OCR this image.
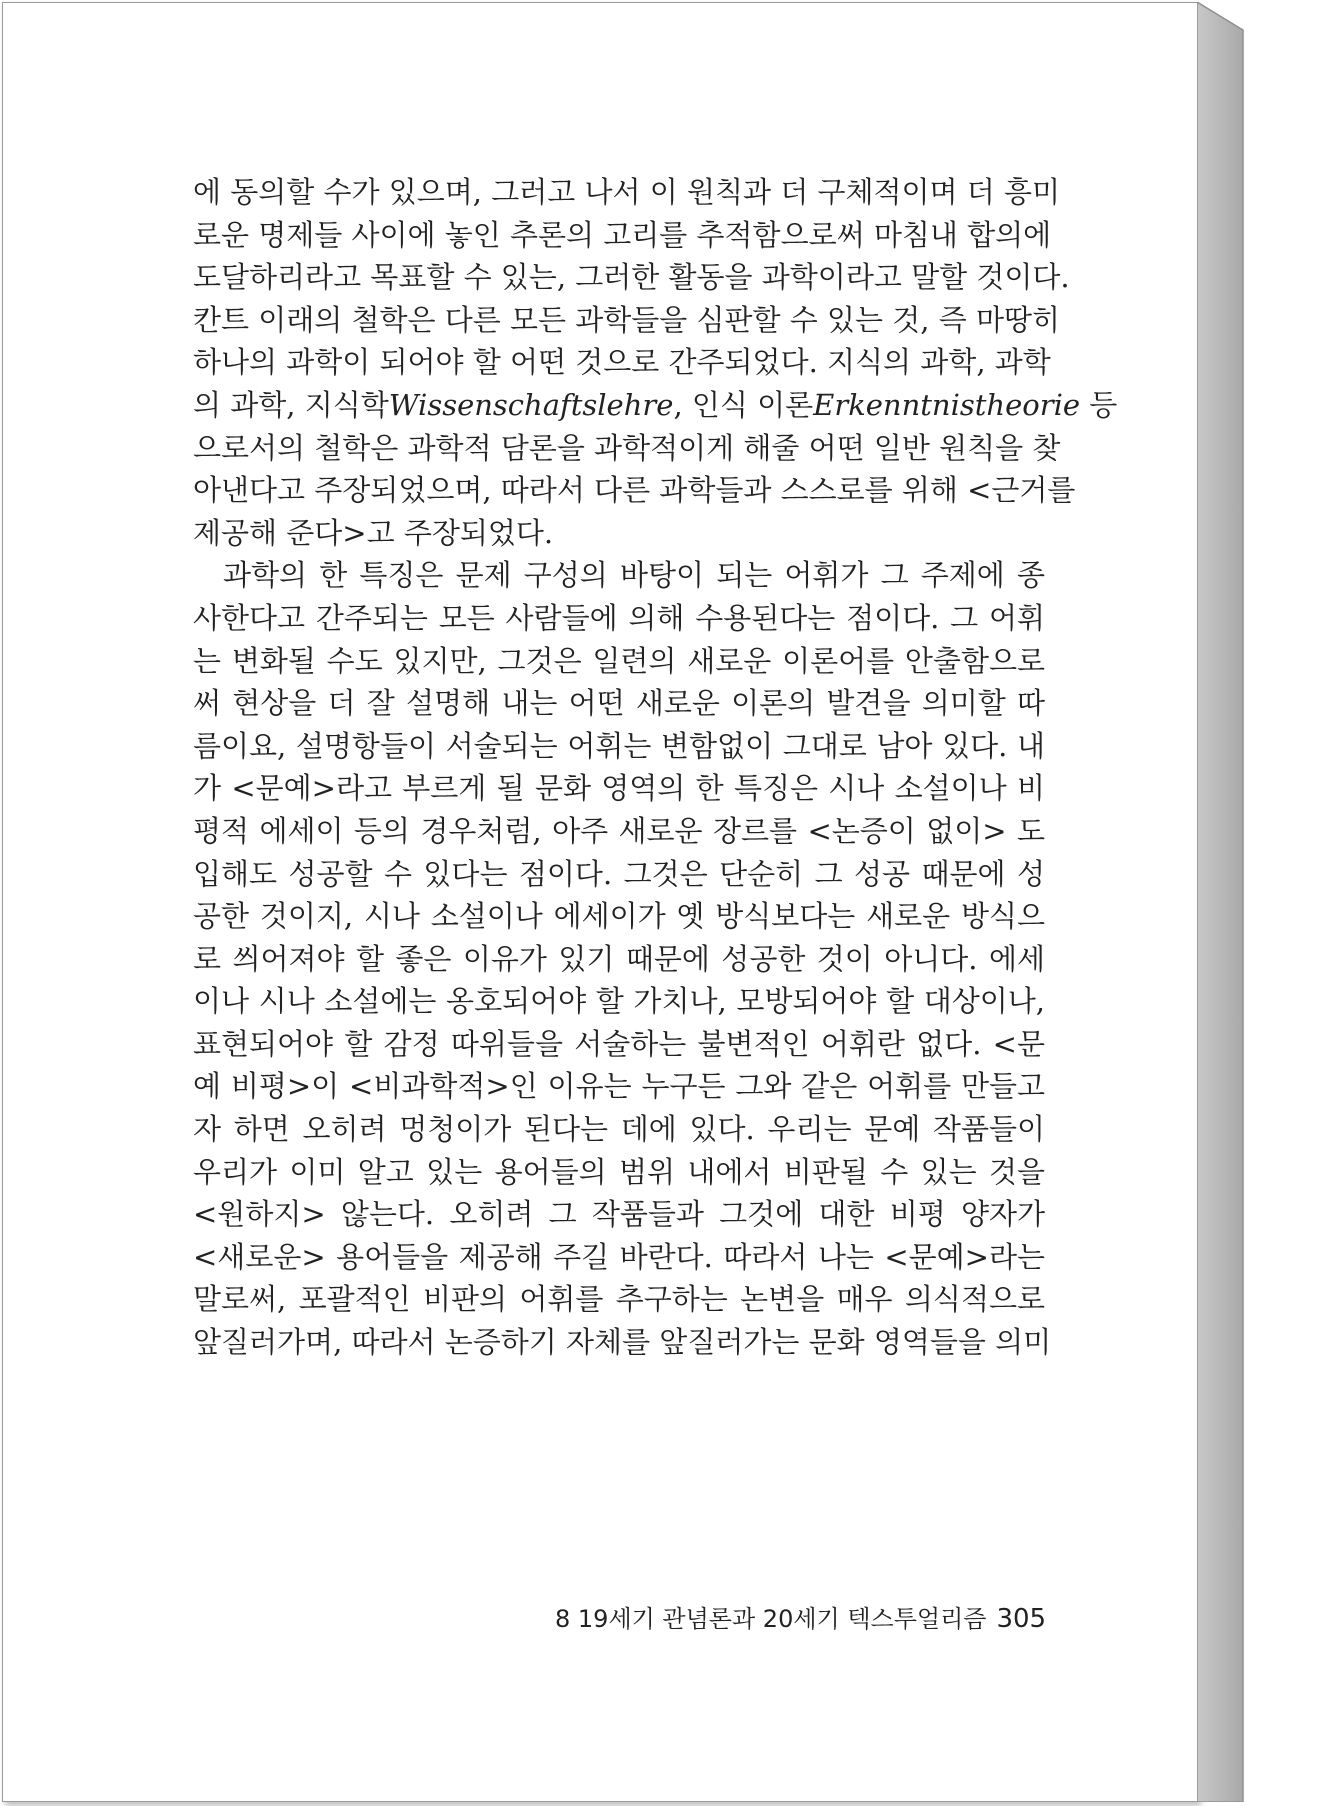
에 동의할 수가 있으며, 그러고 나서 이 원칙과 더 구체적이며 더 흥미
로운 명제들 사이에 놓인 추론의 고리를 추적함으로써 마침내 합의에
도달하리라고 목표할 수 있는, 그러한 활동을 과학이라고 말할 것이다.
칸트 이래의 철학은 다른 모든 과학들을 심판할 수 있는 것, 즉 마땅히
하나의 과학이 되어야 할 어떤 것으로 간주되었다. 지식의 과학, 과학
의 과학, 지식학Wissenschaftslehre, 인식 이론Erkenntnistheorie 등
으로서의 철학은 과학적 담론을 과학적이게 해줄 어떤 일반 원칙을 찾
아낸다고 주장되었으며, 따라서 다른 과학들과 스스로를 위해 <근거를
제공해 준다>고 주장되었다.
과학의 한 특징은 문제 구성의 바탕이 되는 어휘가 그 주제에 종
사한다고 간주되는 모든 사람들에 의해 수용된다는 점이다. 그 어휘
는 변화될 수도 있지만, 그것은 일련의 새로운 이론어를 안출함으로
써 현상을 더 잘 설명해 내는 어떤 새로운 이론의 발견을 의미할 따
름이요, 설명항들이 서술되는 어휘는 변함없이 그대로 남아 있다. 내
가 <문예>라고 부르게 될 문화 영역의 한 특징은 시나 소설이나 비
평적 에세이 등의 경우처럼, 아주 새로운 장르를 <논증이 없이> 도
입해도 성공할 수 있다는 점이다. 그것은 단순히 그 성공 때문에 성
공한 것이지, 시나 소설이나 에세이가 옛 방식보다는 새로운 방식으
로 씌어져야 할 좋은 이유가 있기 때문에 성공한 것이 아니다. 에세
이나 시나 소설에는 옹호되어야 할 가치나, 모방되어야 할 대상이나,
표현되어야 할 감정 따위들을 서술하는 불변적인 어휘란 없다. <문
예 비평>이 <비과학적>인 이유는 누구든 그와 같은 어휘를 만들고
자 하면 오히려 멍청이가 된다는 데에 있다. 우리는 문예 작품들이
우리가 이미 알고 있는 용어들의 범위 내에서 비판될 수 있는 것을
<원하지> 않는다. 오히려 그 작품들과 그것에 대한 비평 양자가
<새로운> 용어들을 제공해 주길 바란다. 따라서 나는 <문예>라는
말로써, 포괄적인 비판의 어휘를 추구하는 논변을 매우 의식적으로
앞질러가며, 따라서 논증하기 자체를 앞질러가는 문화 영역들을 의미
8 19세기 관념론과 20세기 텍스투얼리즘 305
